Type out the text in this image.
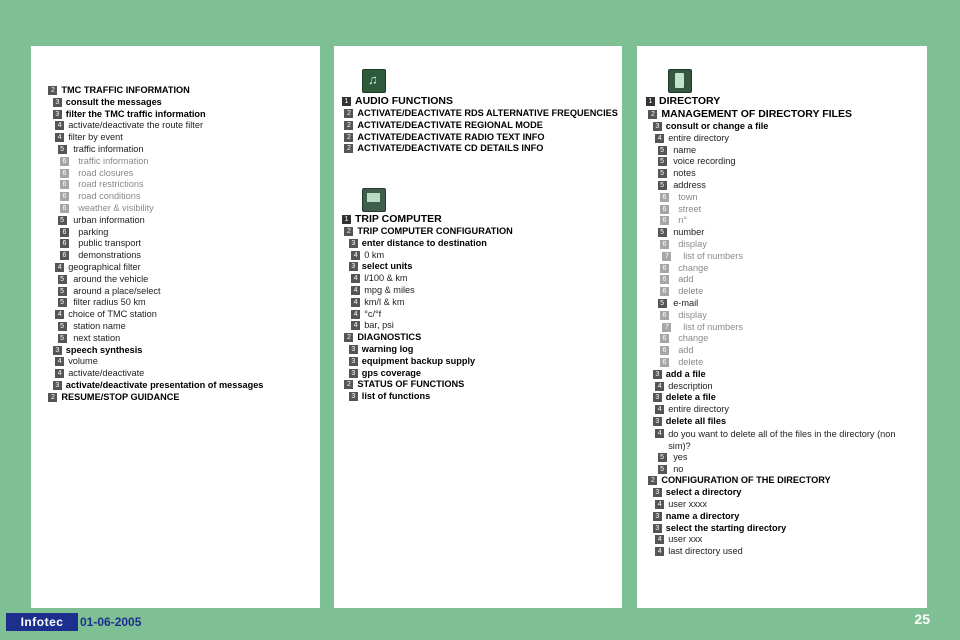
2 TMC TRAFFIC INFORMATION
3 consult the messages
3 filter the TMC traffic information
4 activate/deactivate the route filter
4 filter by event
5 traffic information
6 traffic information
6 road closures
6 road restrictions
6 road conditions
6 weather & visibility
5 urban information
6 parking
6 public transport
6 demonstrations
4 geographical filter
5 around the vehicle
5 around a place/select
5 filter radius 50 km
4 choice of TMC station
5 station name
5 next station
3 speech synthesis
4 volume
4 activate/deactivate
3 activate/deactivate presentation of messages
2 RESUME/STOP GUIDANCE
♫
1 AUDIO FUNCTIONS
2 ACTIVATE/DEACTIVATE RDS ALTERNATIVE FREQUENCIES
2 ACTIVATE/DEACTIVATE REGIONAL MODE
2 ACTIVATE/DEACTIVATE RADIO TEXT INFO
2 ACTIVATE/DEACTIVATE CD DETAILS INFO
1 TRIP COMPUTER
2 TRIP COMPUTER CONFIGURATION
3 enter distance to destination
4 0 km
3 select units
4 l/100 & km
4 mpg & miles
4 km/l & km
4 °c/°f
4 bar, psi
2 DIAGNOSTICS
3 warning log
3 equipment backup supply
3 gps coverage
2 STATUS OF FUNCTIONS
3 list of functions
1 DIRECTORY
2 MANAGEMENT OF DIRECTORY FILES
3 consult or change a file
4 entire directory
5 name
5 voice recording
5 notes
5 address
6 town
6 street
6 n°
5 number
6 display
7 list of numbers
6 change
6 add
6 delete
5 e-mail
6 display
7 list of numbers
6 change
6 add
6 delete
3 add a file
4 description
3 delete a file
4 entire directory
3 delete all files
4 do you want to delete all of the files in the directory (non sim)?
5 yes
5 no
2 CONFIGURATION OF THE DIRECTORY
3 select a directory
4 user xxxx
3 name a directory
3 select the starting directory
4 user xxx
4 last directory used
Infotec	01-06-2005	25
